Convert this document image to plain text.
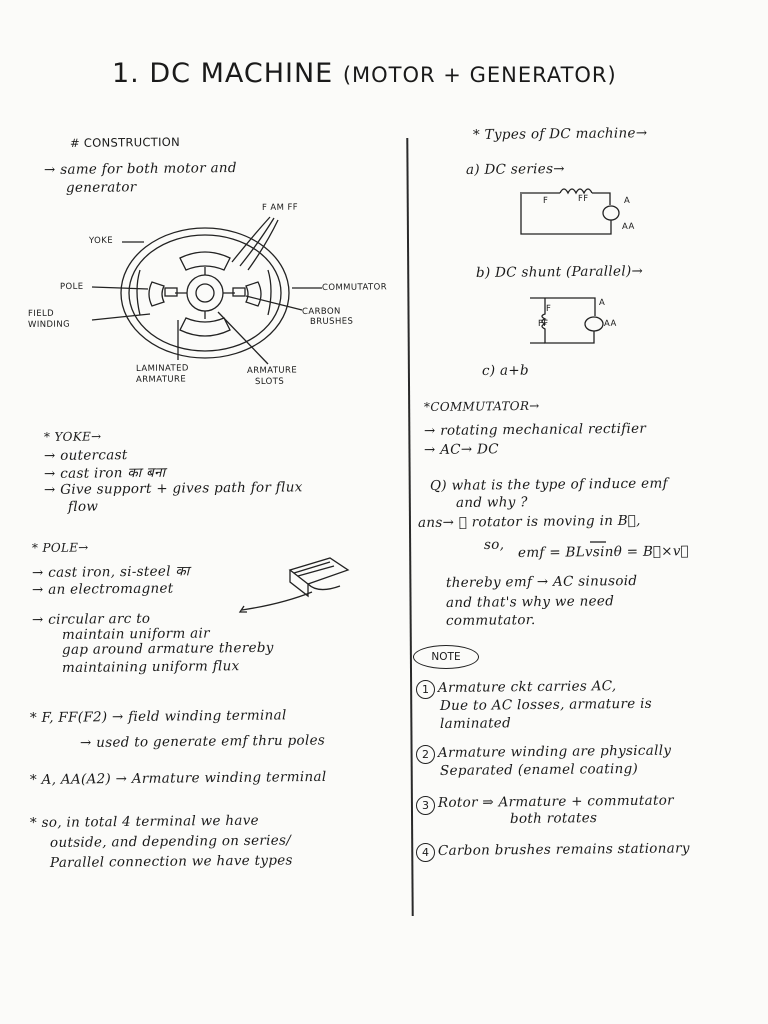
1. DC MACHINE (MOTOR + GENERATOR)
# CONSTRUCTION
→ same for both motor and
generator
F AM FF
YOKE
POLE
FIELD
WINDING
COMMUTATOR
CARBON
BRUSHES
LAMINATED
ARMATURE
ARMATURE
SLOTS
* YOKE→
→ outercast
→ cast iron का बना
→ Give support + gives path for flux
flow
* POLE→
→ cast iron, si-steel का
→ an electromagnet
→ circular arc to
maintain uniform air
gap around armature thereby
maintaining uniform flux
* F, FF(F2) → field winding terminal
→ used to generate emf thru poles
* A, AA(A2) → Armature winding terminal
* so, in total 4 terminal we have
outside, and depending on series/
Parallel connection we have types
* Types of DC machine→
a) DC series→
F	FF	A
AA
b) DC shunt (Parallel)→
F
FF
A
AA
c) a+b
*COMMUTATOR→
→ rotating mechanical rectifier
→ AC→ DC
Q) what is the type of induce emf
and why ?
ans→ ∴ rotator is moving in B⃗,
so, emf = BLvsinθ = B⃗×v⃗
thereby emf → AC sinusoid
and that's why we need
commutator.
NOTE
1 Armature ckt carries AC,
Due to AC losses, armature is
laminated
2 Armature winding are physically
Separated (enamel coating)
3 Rotor ⇒ Armature + commutator
both rotates
4 Carbon brushes remains stationary
